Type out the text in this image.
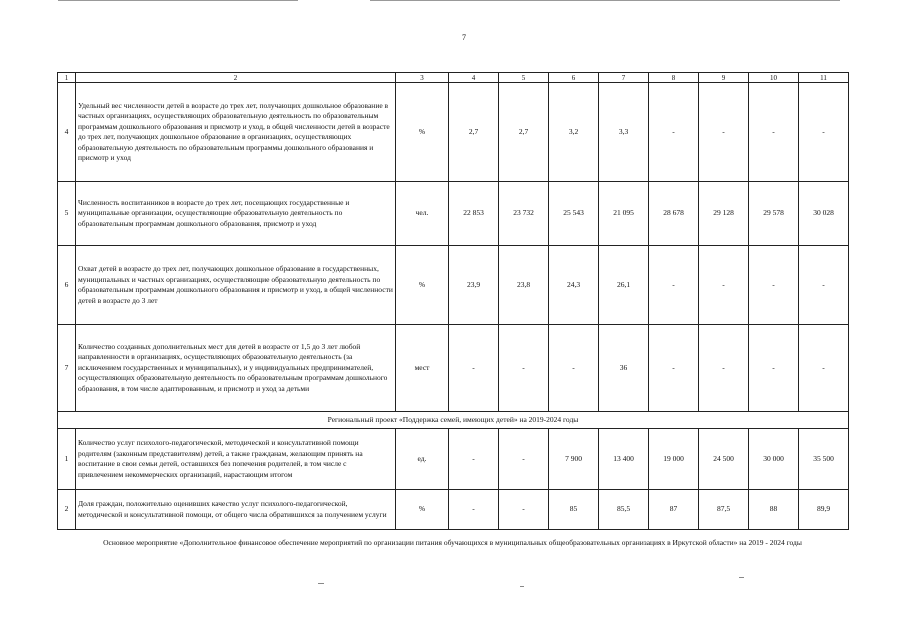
7
1	2	3	4	5	6	7	8	9	10	11
4	Удельный вес численности детей в возрасте до трех лет, получающих дошкольное образование в частных организациях, осуществляющих образовательную деятельность по образовательным программам дошкольного образования и присмотр и уход, в общей численности детей в возрасте до трех лет, получающих дошкольное образование в организациях, осуществляющих образовательную деятельность по образовательным программы дошкольного образования и присмотр и уход	%	2,7	2,7	3,2	3,3	-	-	-	-
5	Численность воспитанников в возрасте до трех лет, посещающих государственные и муниципальные организации, осуществляющие образовательную деятельность по образовательным программам дошкольного образования, присмотр и уход	чел.	22 853	23 732	25 543	21 095	28 678	29 128	29 578	30 028
6	Охват детей в возрасте до трех лет, получающих дошкольное образование в государственных, муниципальных и частных организациях, осуществляющие образовательную деятельность по образовательным программам дошкольного образования и присмотр и уход, в общей численности детей в возрасте до 3 лет	%	23,9	23,8	24,3	26,1	-	-	-	-
7	Количество созданных дополнительных мест для детей в возрасте от 1,5 до 3 лет любой направленности в организациях, осуществляющих образовательную деятельность (за исключением государственных и муниципальных), и у индивидуальных предпринимателей, осуществляющих образовательную деятельность по образовательным программам дошкольного образования, в том числе адаптированным, и присмотр и уход за детьми	мест	-	-	-	36	-	-	-	-
Региональный проект «Поддержка семей, имеющих детей» на 2019-2024 годы										
1	Количество услуг психолого-педагогической, методической и консультативной помощи родителям (законным представителям) детей, а также гражданам, желающим принять на воспитание в свои семьи детей, оставшихся без попечения родителей, в том числе с привлечением некоммерческих организаций, нарастающим итогом	ед.	-	-	7 900	13 400	19 000	24 500	30 000	35 500
2	Доля граждан, положительно оценивших качество услуг психолого-педагогической, методической и консультативной помощи, от общего числа обратившихся за получением услуги	%	-	-	85	85,5	87	87,5	88	89,9
Основное мероприятие «Дополнительное финансовое обеспечение мероприятий по организации питания обучающихся в муниципальных общеобразовательных организациях в Иркутской области» на 2019 - 2024 годы
